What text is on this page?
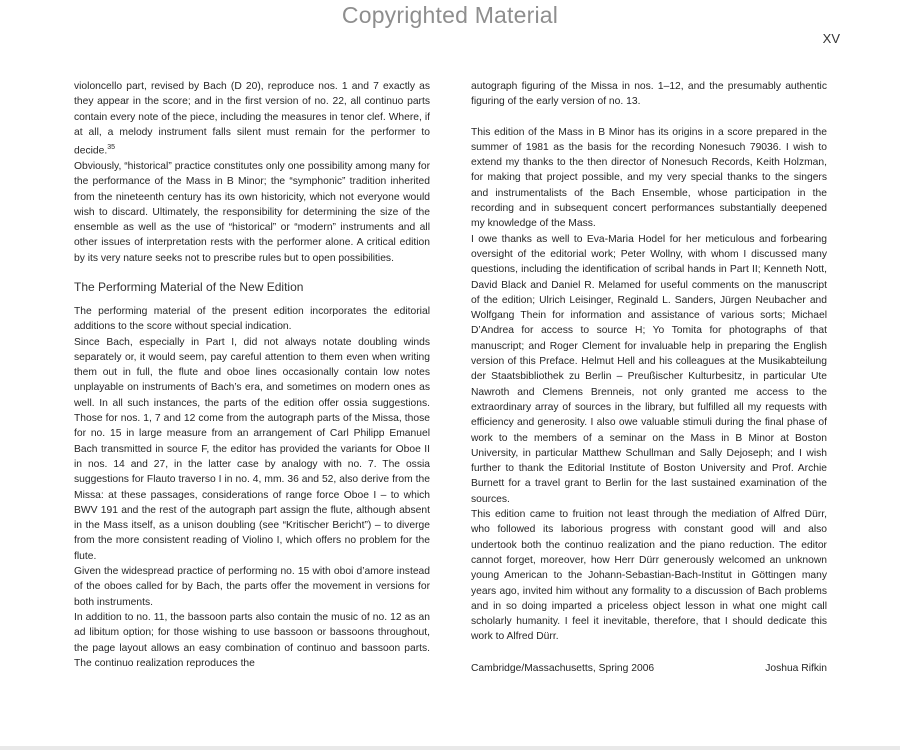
Copyrighted Material
XV

violoncello part, revised by Bach (D 20), reproduce nos. 1 and 7 exactly as they appear in the score; and in the first version of no. 22, all continuo parts contain every note of the piece, including the measures in tenor clef. Where, if at all, a melody instrument falls silent must remain for the performer to decide.$^{35}$

Obviously, “historical” practice constitutes only one possibility among many for the performance of the Mass in B Minor; the “symphonic” tradition inherited from the nineteenth century has its own historicity, which not everyone would wish to discard. Ultimately, the responsibility for determining the size of the ensemble as well as the use of “historical” or “modern” instruments and all other issues of interpretation rests with the performer alone. A critical edition by its very nature seeks not to prescribe rules but to open possibilities.

The Performing Material of the New Edition

The performing material of the present edition incorporates the editorial additions to the score without special indication.

Since Bach, especially in Part I, did not always notate doubling winds separately or, it would seem, pay careful attention to them even when writing them out in full, the flute and oboe lines occasionally contain low notes unplayable on instruments of Bach’s era, and sometimes on modern ones as well. In all such instances, the parts of the edition offer ossia suggestions. Those for nos. 1, 7 and 12 come from the autograph parts of the Missa, those for no. 15 in large measure from an arrangement of Carl Philipp Emanuel Bach transmitted in source F, the editor has provided the variants for Oboe II in nos. 14 and 27, in the latter case by analogy with no. 7. The ossia suggestions for Flauto traverso I in no. 4, mm. 36 and 52, also derive from the Missa: at these passages, considerations of range force Oboe I – to which BWV 191 and the rest of the autograph part assign the flute, although absent in the Mass itself, as a unison doubling (see “Kritischer Bericht”) – to diverge from the more consistent reading of Violino I, which offers no problem for the flute.

Given the widespread practice of performing no. 15 with oboi d’amore instead of the oboes called for by Bach, the parts offer the movement in versions for both instruments.

In addition to no. 11, the bassoon parts also contain the music of no. 12 as an ad libitum option; for those wishing to use bassoon or bassoons throughout, the page layout allows an easy combination of continuo and bassoon parts. The continuo realization reproduces the

autograph figuring of the Missa in nos. 1–12, and the presumably authentic figuring of the early version of no. 13.

This edition of the Mass in B Minor has its origins in a score prepared in the summer of 1981 as the basis for the recording Nonesuch 79036. I wish to extend my thanks to the then director of Nonesuch Records, Keith Holzman, for making that project possible, and my very special thanks to the singers and instrumentalists of the Bach Ensemble, whose participation in the recording and in subsequent concert performances substantially deepened my knowledge of the Mass.

I owe thanks as well to Eva-Maria Hodel for her meticulous and forbearing oversight of the editorial work; Peter Wollny, with whom I discussed many questions, including the identification of scribal hands in Part II; Kenneth Nott, David Black and Daniel R. Melamed for useful comments on the manuscript of the edition; Ulrich Leisinger, Reginald L. Sanders, Jürgen Neubacher and Wolfgang Thein for information and assistance of various sorts; Michael D’Andrea for access to source H; Yo Tomita for photographs of that manuscript; and Roger Clement for invaluable help in preparing the English version of this Preface. Helmut Hell and his colleagues at the Musikabteilung der Staatsbibliothek zu Berlin – Preußischer Kulturbesitz, in particular Ute Nawroth and Clemens Brenneis, not only granted me access to the extraordinary array of sources in the library, but fulfilled all my requests with efficiency and generosity. I also owe valuable stimuli during the final phase of work to the members of a seminar on the Mass in B Minor at Boston University, in particular Matthew Schullman and Sally Dejoseph; and I wish further to thank the Editorial Institute of Boston University and Prof. Archie Burnett for a travel grant to Berlin for the last sustained examination of the sources.

This edition came to fruition not least through the mediation of Alfred Dürr, who followed its laborious progress with constant good will and also undertook both the continuo realization and the piano reduction. The editor cannot forget, moreover, how Herr Dürr generously welcomed an unknown young American to the Johann-Sebastian-Bach-Institut in Göttingen many years ago, invited him without any formality to a discussion of Bach problems and in so doing imparted a priceless object lesson in what one might call scholarly humanity. I feel it inevitable, therefore, that I should dedicate this work to Alfred Dürr.

Cambridge/Massachusetts, Spring 2006	Joshua Rifkin
